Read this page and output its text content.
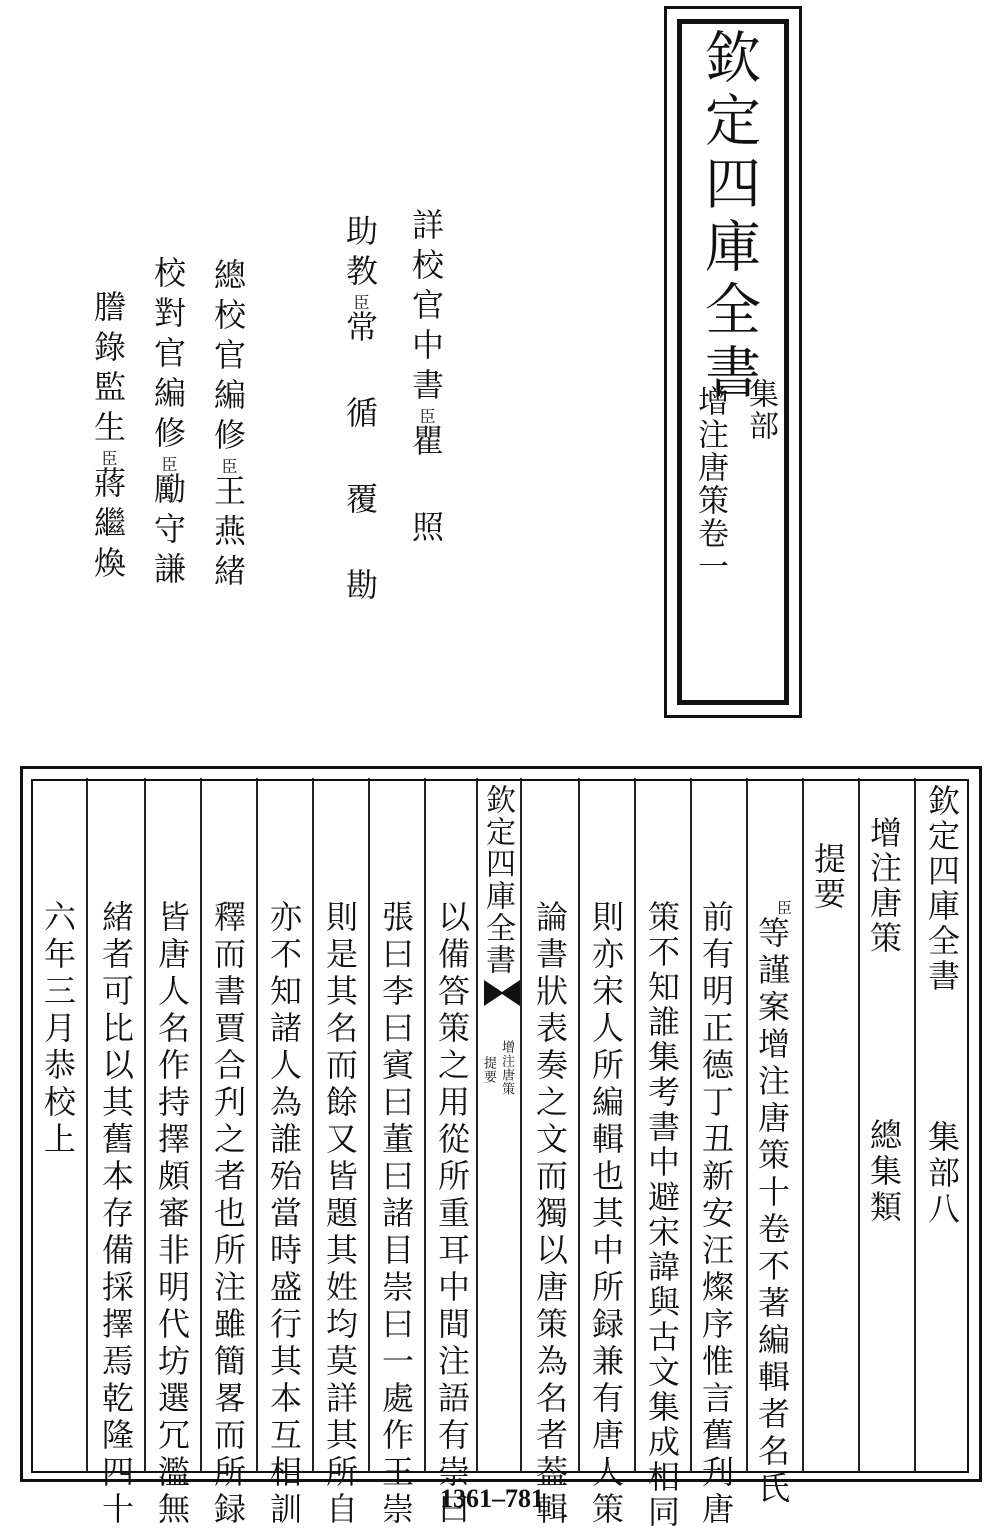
欽定四庫全書
集部
增注唐策卷一
詳校官中書臣瞿 照
助教臣常 循 覆 勘
總校官編修臣王燕緒
校對官編修臣勵守謙
謄錄監生臣蔣繼煥
欽定四庫全書
集部八
增注唐策
總集類
提要
臣
等謹案增注唐策十卷不著編輯者名氏
前有明正德丁丑新安汪燦序惟言舊刋唐
策不知誰集考書中避宋諱與古文集成相同
則亦宋人所編輯也其中所録兼有唐人策
論書狀表奏之文而獨以唐策為名者葢輯
以備答策之用從所重耳中間注語有崇曰
張曰李曰賓曰董曰諸目崇曰一處作王崇
則是其名而餘又皆題其姓均莫詳其所自
亦不知諸人為誰殆當時盛行其本互相訓
釋而書賈合刋之者也所注雖簡畧而所録
皆唐人名作持擇頗審非明代坊選冗濫無
緒者可比以其舊本存備採擇焉乾隆四十
六年三月恭校上
欽定四庫全書
增注唐策
提要
1361–781
